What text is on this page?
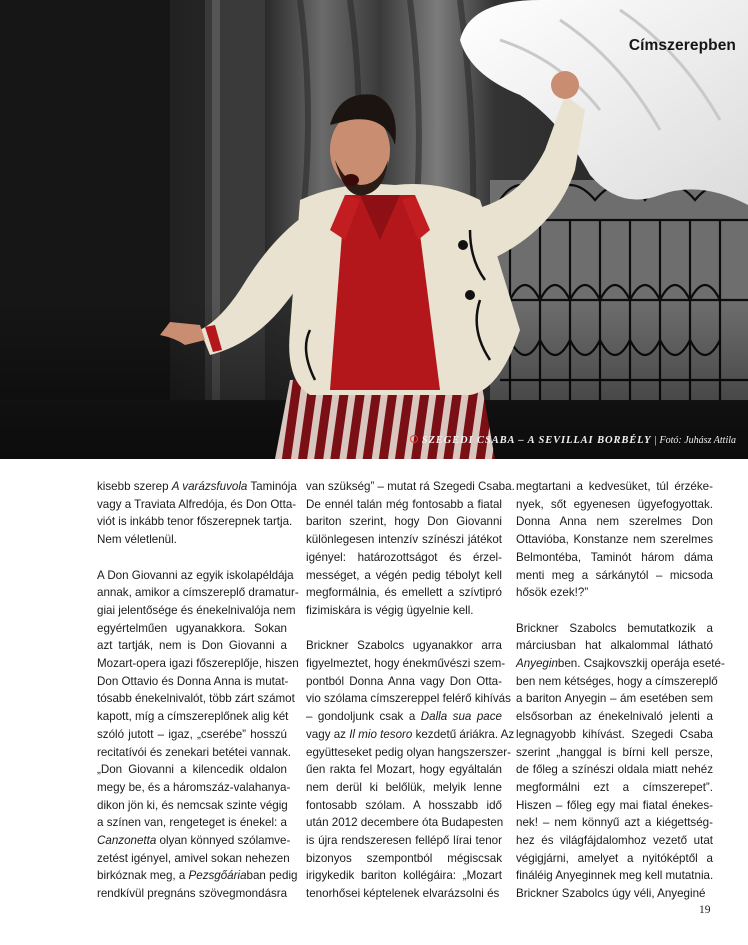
Címszerepben
SZEGEDI CSABA – A SEVILLAI BORBÉLY | Fotó: Juhász Attila

kisebb szerep A varázsfuvola Taminója
vagy a Traviata Alfredója, és Don Otta-
viót is inkább tenor főszerepnek tartja.
Nem véletlenül.

A Don Giovanni az egyik iskolapéldája
annak, amikor a címszereplő dramatur-
giai jelentősége és énekelnivalója nem
egyértelműen ugyanakkora. Sokan
azt tartják, nem is Don Giovanni a
Mozart-opera igazi főszereplője, hiszen
Don Ottavio és Donna Anna is mutat-
tósabb énekelnivalót, több zárt számot
kapott, míg a címszereplőnek alig két
szóló jutott – igaz, „cserébe” hosszú
recitatívói és zenekari betétei vannak.
„Don Giovanni a kilencedik oldalon
megy be, és a háromszáz-valahanya-
dikon jön ki, és nemcsak szinte végig
a színen van, rengeteget is énekel: a
Canzonetta olyan könnyed szólamve-
zetést igényel, amivel sokan nehezen
birkóznak meg, a Pezsgőáriaban pedig
rendkívül pregnáns szövegmondásra

van szükség” – mutat rá Szegedi Csaba.
De ennél talán még fontosabb a fiatal
bariton szerint, hogy Don Giovanni
különlegesen intenzív színészi játékot
igényel: határozottságot és érzel-
mességet, a végén pedig tébolyt kell
megformálnia, és emellett a szívtipró
fizimiskára is végig ügyelnie kell.

Brickner Szabolcs ugyanakkor arra
figyelmeztet, hogy énekművészi szem-
pontból Donna Anna vagy Don Otta-
vio szólama címszereppel felérő kihívás
– gondoljunk csak a Dalla sua pace
vagy az Il mio tesoro kezdetű áriákra. Az
együtteseket pedig olyan hangszerszer-
űen rakta fel Mozart, hogy egyáltalán
nem derül ki belőlük, melyik lenne
fontosabb szólam. A hosszabb idő
után 2012 decembere óta Budapesten
is újra rendszeresen fellépő lírai tenor
bizonyos szempontból mégiscsak
irigykedik bariton kollégáira: „Mozart
tenorhősei képtelenek elvarázsolni és

megtartani a kedvesüket, túl érzéke-
nyek, sőt egyenesen ügyefogyottak.
Donna Anna nem szerelmes Don
Ottavióba, Konstanze nem szerelmes
Belmontéba, Taminót három dáma
menti meg a sárkánytól – micsoda
hősök ezek!?”

Brickner Szabolcs bemutatkozik a
márciusban hat alkalommal látható
Anyeginben. Csajkovszkij operája eseté-
ben nem kétséges, hogy a címszereplő
a bariton Anyegin – ám esetében sem
elsősorban az énekelnivaló jelenti a
legnagyobb kihívást. Szegedi Csaba
szerint „hanggal is bírni kell persze,
de főleg a színészi oldala miatt nehéz
megformálni ezt a címszerepet”.
Hiszen – főleg egy mai fiatal énekes-
nek! – nem könnyű azt a kiégettség-
hez és világfájdalomhoz vezető utat
végigjárni, amelyet a nyitóképtől a
fináléig Anyeginnek meg kell mutatnia.
Brickner Szabolcs úgy véli, Anyeginé

19
